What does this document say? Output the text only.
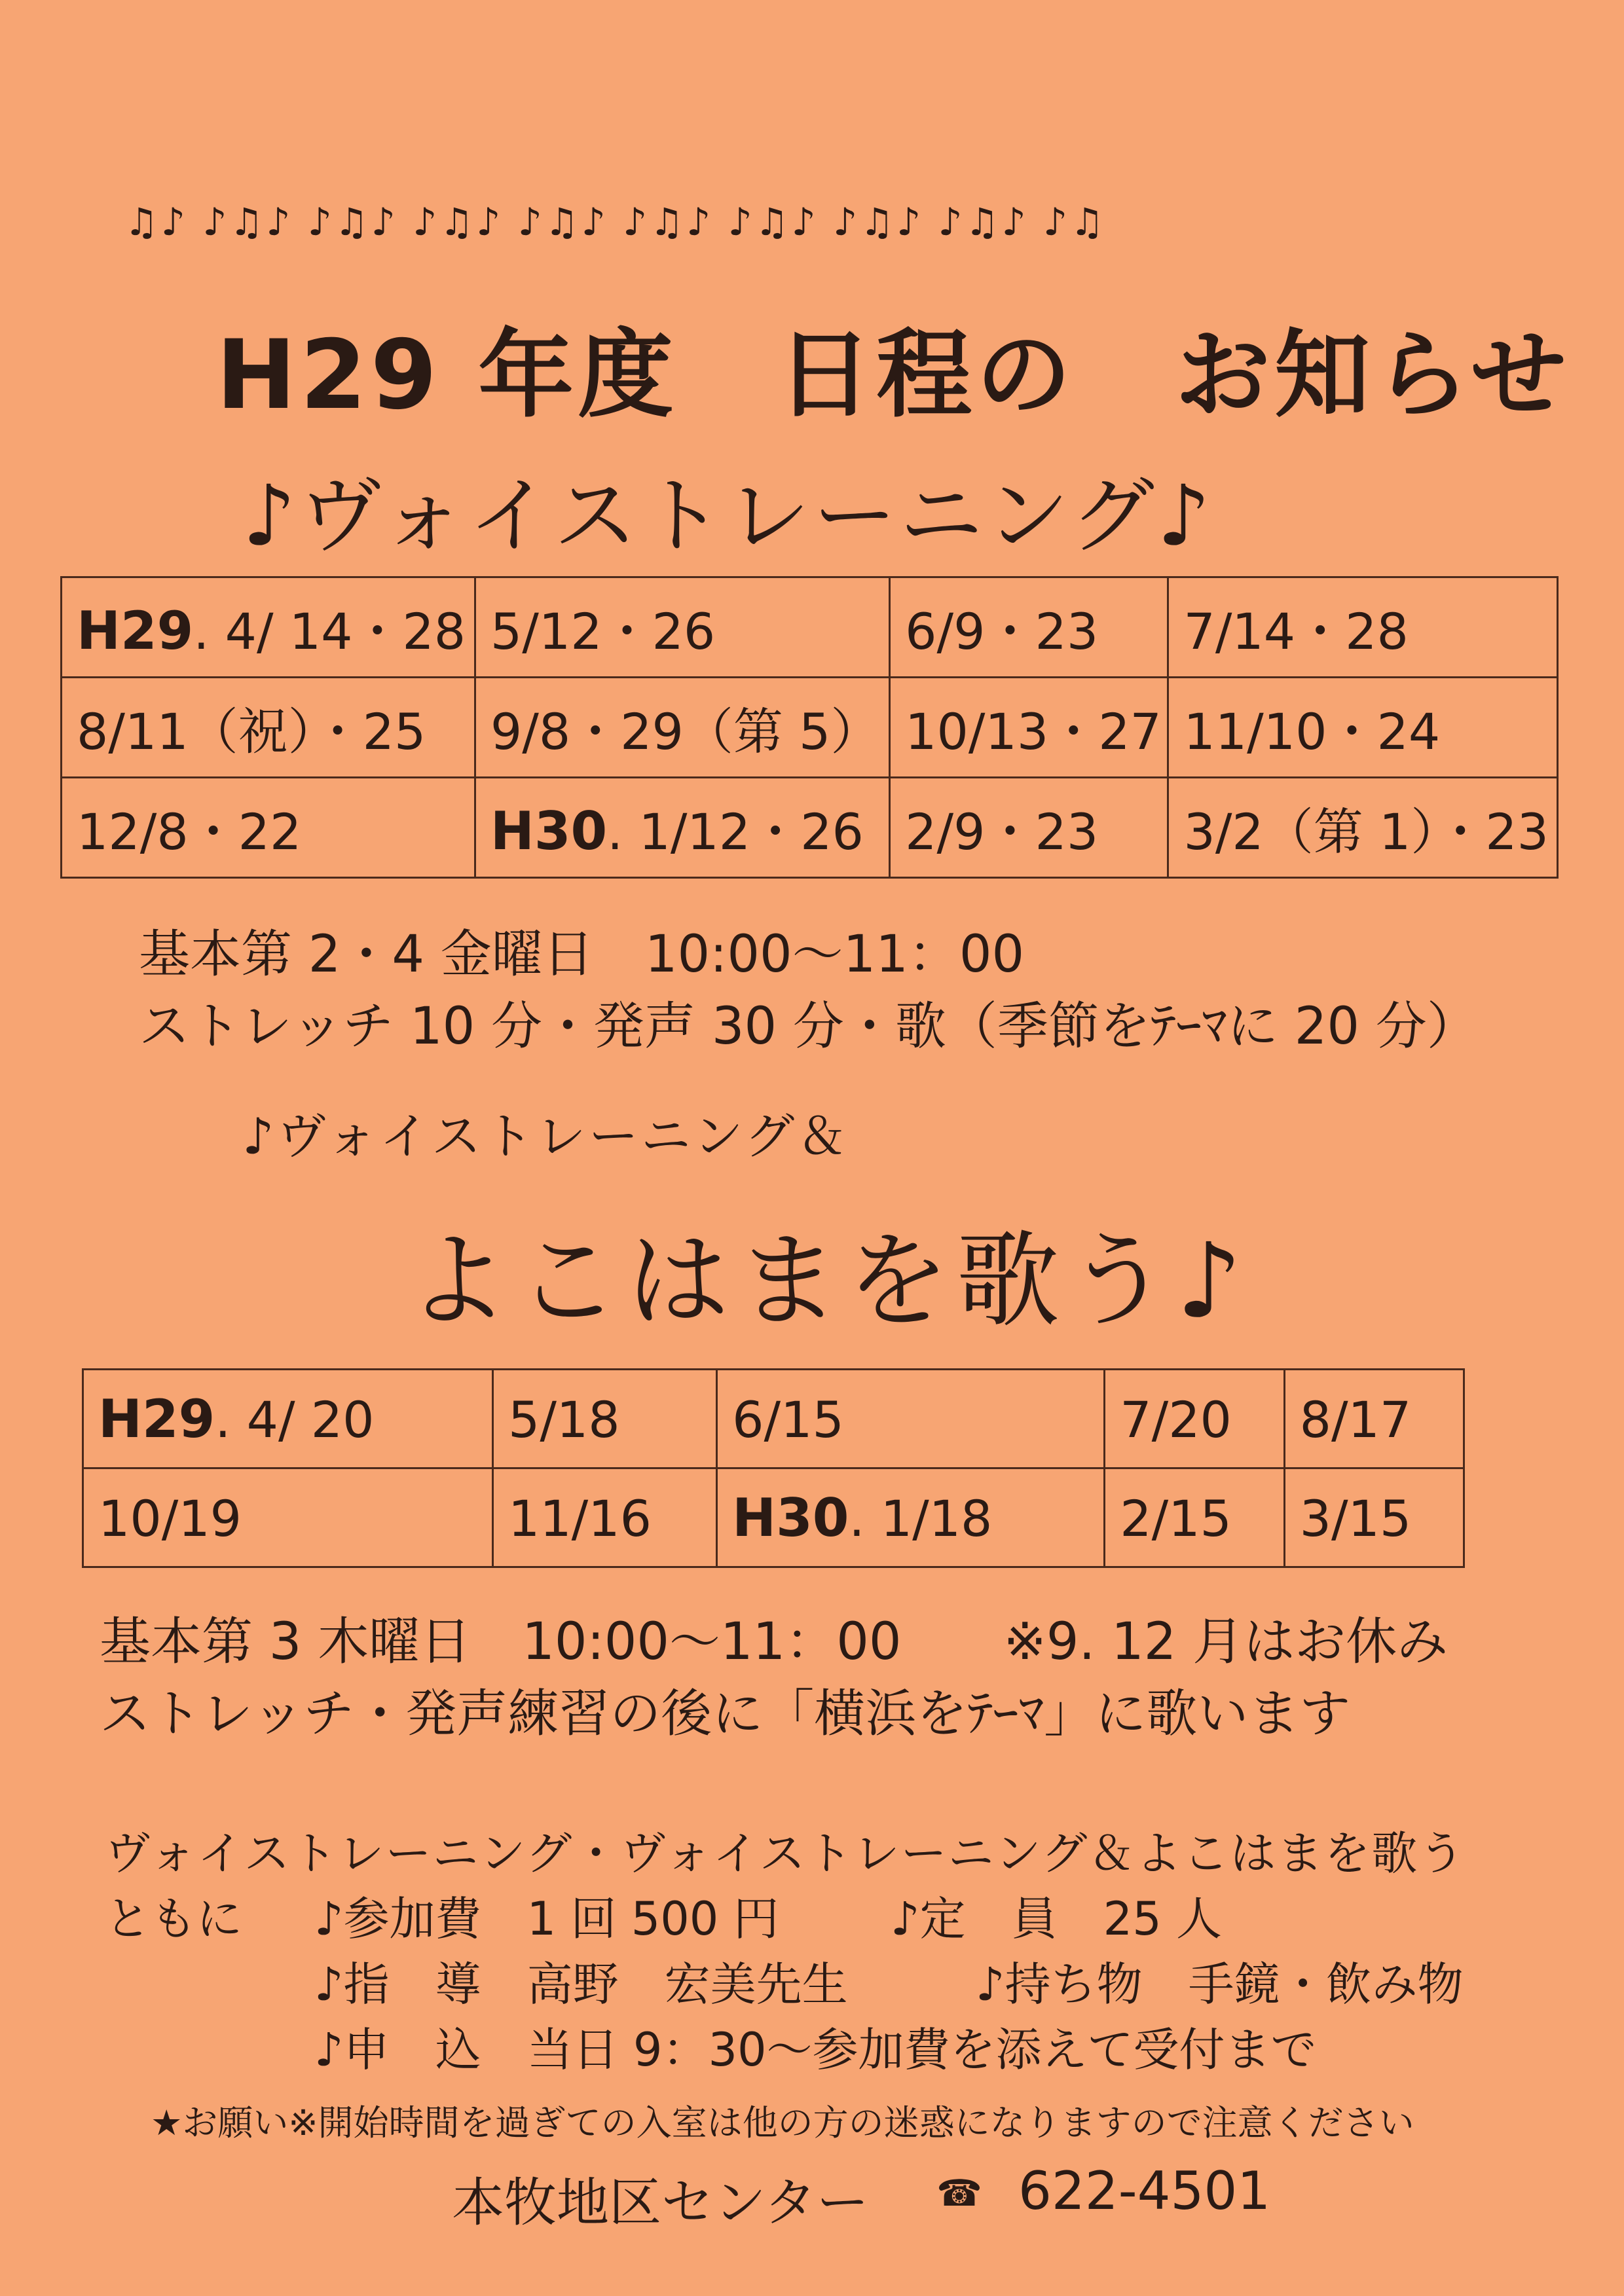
♫♪ ♪♫♪ ♪♫♪ ♪♫♪ ♪♫♪ ♪♫♪ ♪♫♪ ♪♫♪ ♪♫♪ ♪♫
H29 年度　日程の　お知らせ
♪ヴォイストレーニング♪
H29. 4/ 14・28	5/12・26	6/9・23	7/14・28
8/11（祝）・25	9/8・29（第 5）	10/13・27	11/10・24
12/8・22	H30. 1/12・26	2/9・23	3/2（第 1）・23
基本第 2・4 金曜日　10:00～11：00
ストレッチ 10 分・発声 30 分・歌（季節をﾃｰﾏに 20 分）
♪ヴォイストレーニング＆
よこはまを歌う♪
H29. 4/ 20	5/18	6/15	7/20	8/17
10/19	11/16	H30. 1/18	2/15	3/15
基本第 3 木曜日　10:00～11：00　　※9. 12 月はお休み
ストレッチ・発声練習の後に「横浜をﾃｰﾏ」に歌います
ヴォイストレーニング・ヴォイストレーニング＆よこはまを歌う
ともに ♪参加費　1 回 500 円 ♪定　員　25 人
♪指　導　高野　宏美先生	♪持ち物　手鏡・飲み物
♪申　込　当日 9：30～参加費を添えて受付まで
★お願い※開始時間を過ぎての入室は他の方の迷惑になりますので注意ください
本牧地区センター ☎ 622-4501
